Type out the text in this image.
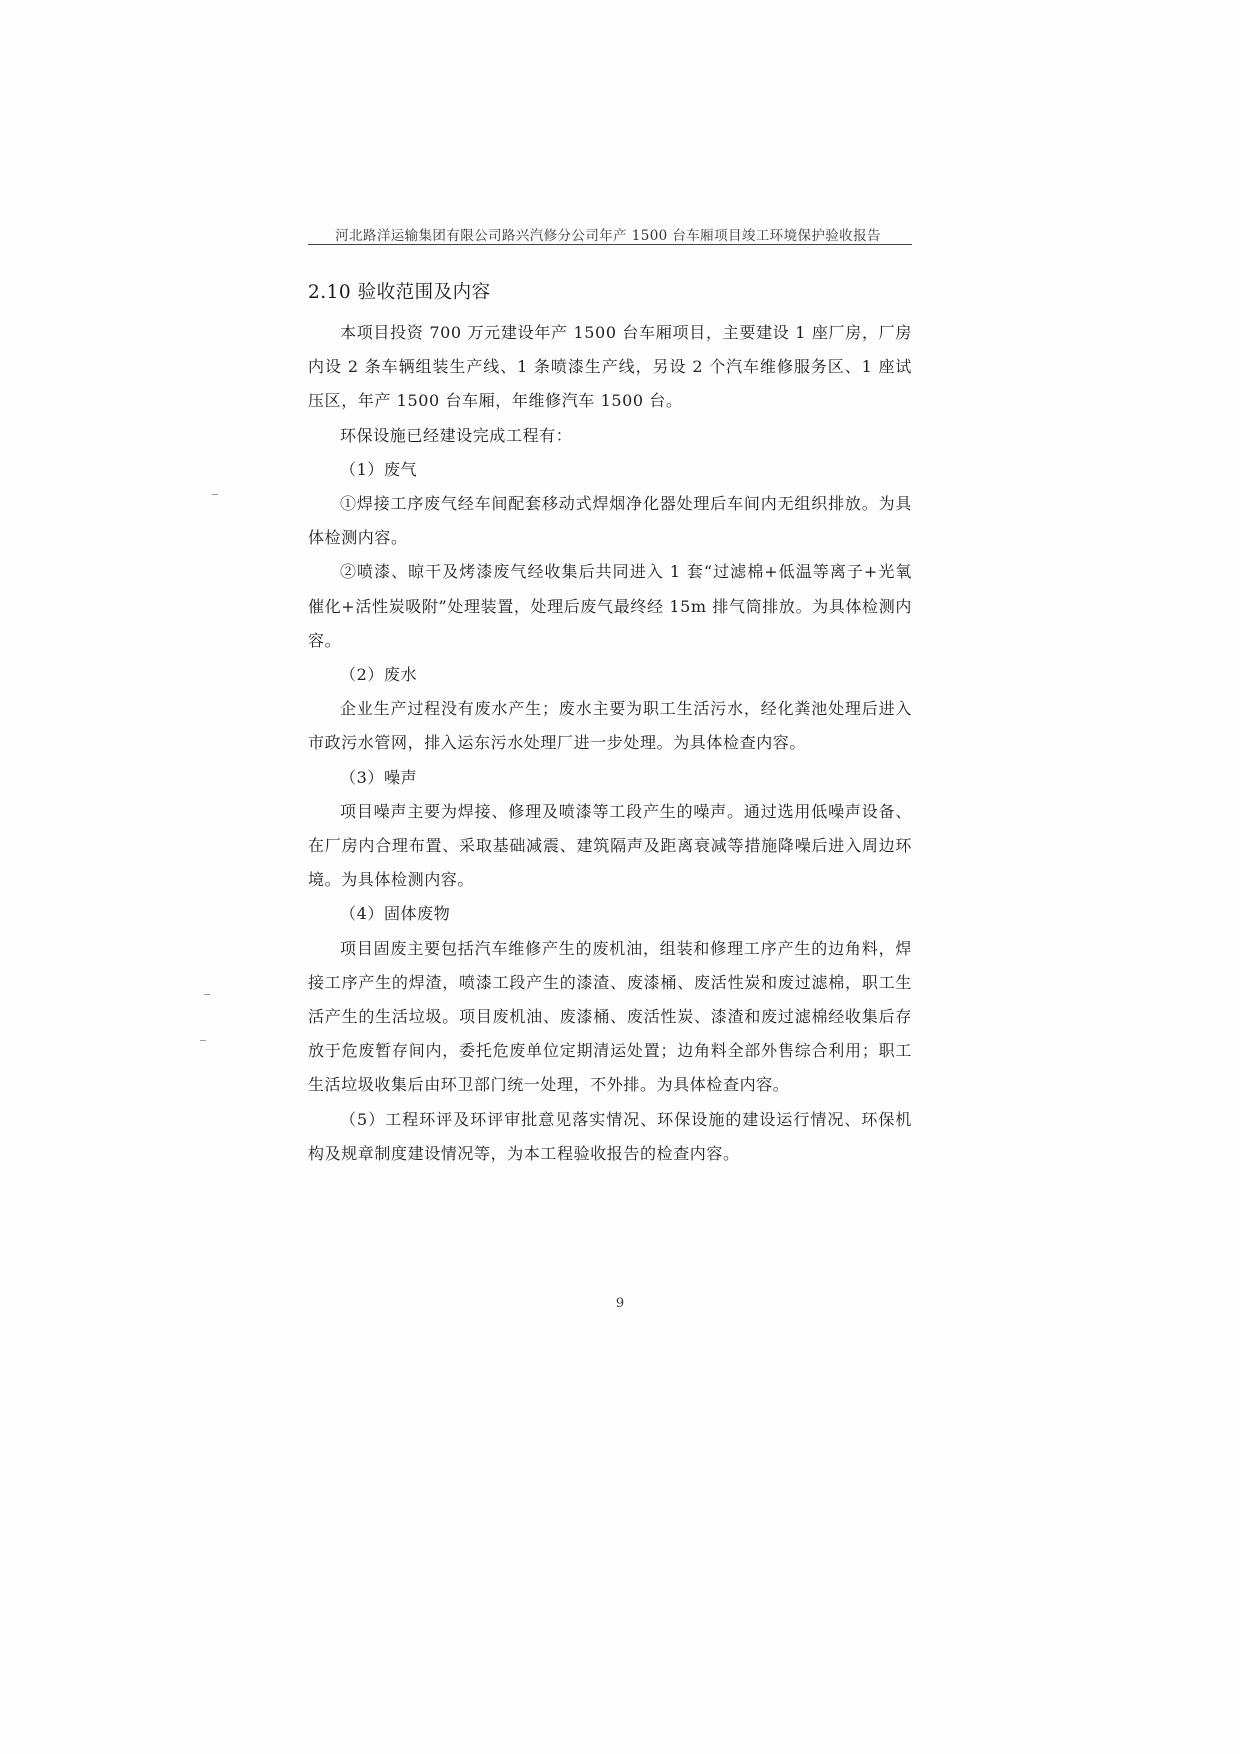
河北路洋运输集团有限公司路兴汽修分公司年产 1500 台车厢项目竣工环境保护验收报告
2.10 验收范围及内容

本项目投资 700 万元建设年产 1500 台车厢项目，主要建设 1 座厂房，厂房内设 2 条车辆组装生产线、1 条喷漆生产线，另设 2 个汽车维修服务区、1 座试压区，年产 1500 台车厢，年维修汽车 1500 台。

环保设施已经建设完成工程有：

（1）废气

①焊接工序废气经车间配套移动式焊烟净化器处理后车间内无组织排放。为具体检测内容。

②喷漆、晾干及烤漆废气经收集后共同进入 1 套“过滤棉+低温等离子+光氧催化+活性炭吸附”处理装置，处理后废气最终经 15m 排气筒排放。为具体检测内容。

（2）废水

企业生产过程没有废水产生；废水主要为职工生活污水，经化粪池处理后进入市政污水管网，排入运东污水处理厂进一步处理。为具体检查内容。

（3）噪声

项目噪声主要为焊接、修理及喷漆等工段产生的噪声。通过选用低噪声设备、在厂房内合理布置、采取基础减震、建筑隔声及距离衰减等措施降噪后进入周边环境。为具体检测内容。

（4）固体废物

项目固废主要包括汽车维修产生的废机油，组装和修理工序产生的边角料，焊接工序产生的焊渣，喷漆工段产生的漆渣、废漆桶、废活性炭和废过滤棉，职工生活产生的生活垃圾。项目废机油、废漆桶、废活性炭、漆渣和废过滤棉经收集后存放于危废暂存间内，委托危废单位定期清运处置；边角料全部外售综合利用；职工生活垃圾收集后由环卫部门统一处理，不外排。为具体检查内容。

（5）工程环评及环评审批意见落实情况、环保设施的建设运行情况、环保机构及规章制度建设情况等，为本工程验收报告的检查内容。

9
